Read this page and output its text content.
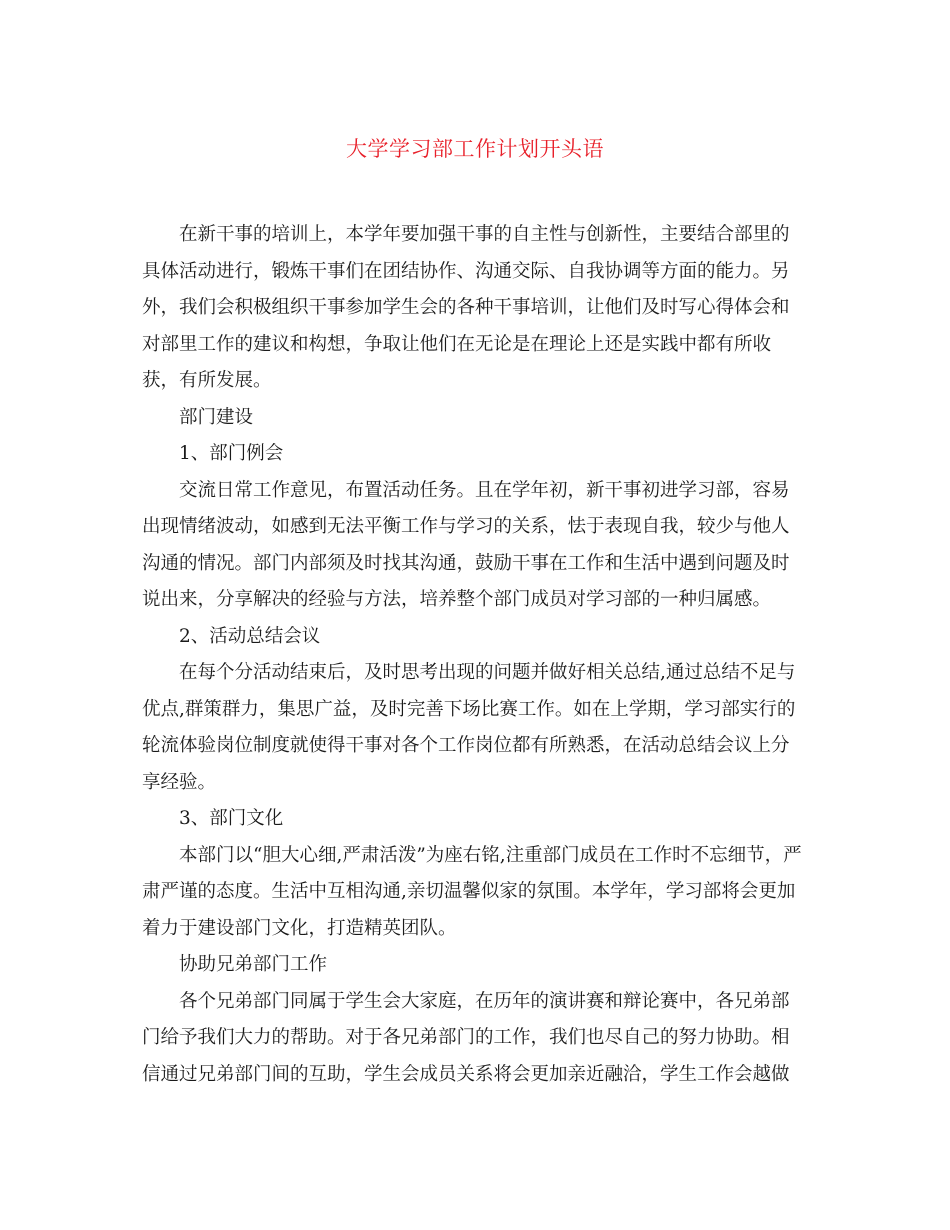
大学学习部工作计划开头语

在新干事的培训上，本学年要加强干事的自主性与创新性，主要结合部里的具体活动进行，锻炼干事们在团结协作、沟通交际、自我协调等方面的能力。另外，我们会积极组织干事参加学生会的各种干事培训，让他们及时写心得体会和对部里工作的建议和构想，争取让他们在无论是在理论上还是实践中都有所收获，有所发展。

部门建设

1、部门例会

交流日常工作意见，布置活动任务。且在学年初，新干事初进学习部，容易出现情绪波动，如感到无法平衡工作与学习的关系，怯于表现自我，较少与他人沟通的情况。部门内部须及时找其沟通，鼓励干事在工作和生活中遇到问题及时说出来，分享解决的经验与方法，培养整个部门成员对学习部的一种归属感。

2、活动总结会议

在每个分活动结束后，及时思考出现的问题并做好相关总结,通过总结不足与优点,群策群力，集思广益，及时完善下场比赛工作。如在上学期，学习部实行的轮流体验岗位制度就使得干事对各个工作岗位都有所熟悉，在活动总结会议上分享经验。

3、部门文化

本部门以“胆大心细,严肃活泼”为座右铭,注重部门成员在工作时不忘细节，严肃严谨的态度。生活中互相沟通,亲切温馨似家的氛围。本学年，学习部将会更加着力于建设部门文化，打造精英团队。

协助兄弟部门工作

各个兄弟部门同属于学生会大家庭，在历年的演讲赛和辩论赛中，各兄弟部门给予我们大力的帮助。对于各兄弟部门的工作，我们也尽自己的努力协助。相信通过兄弟部门间的互助，学生会成员关系将会更加亲近融洽，学生工作会越做
